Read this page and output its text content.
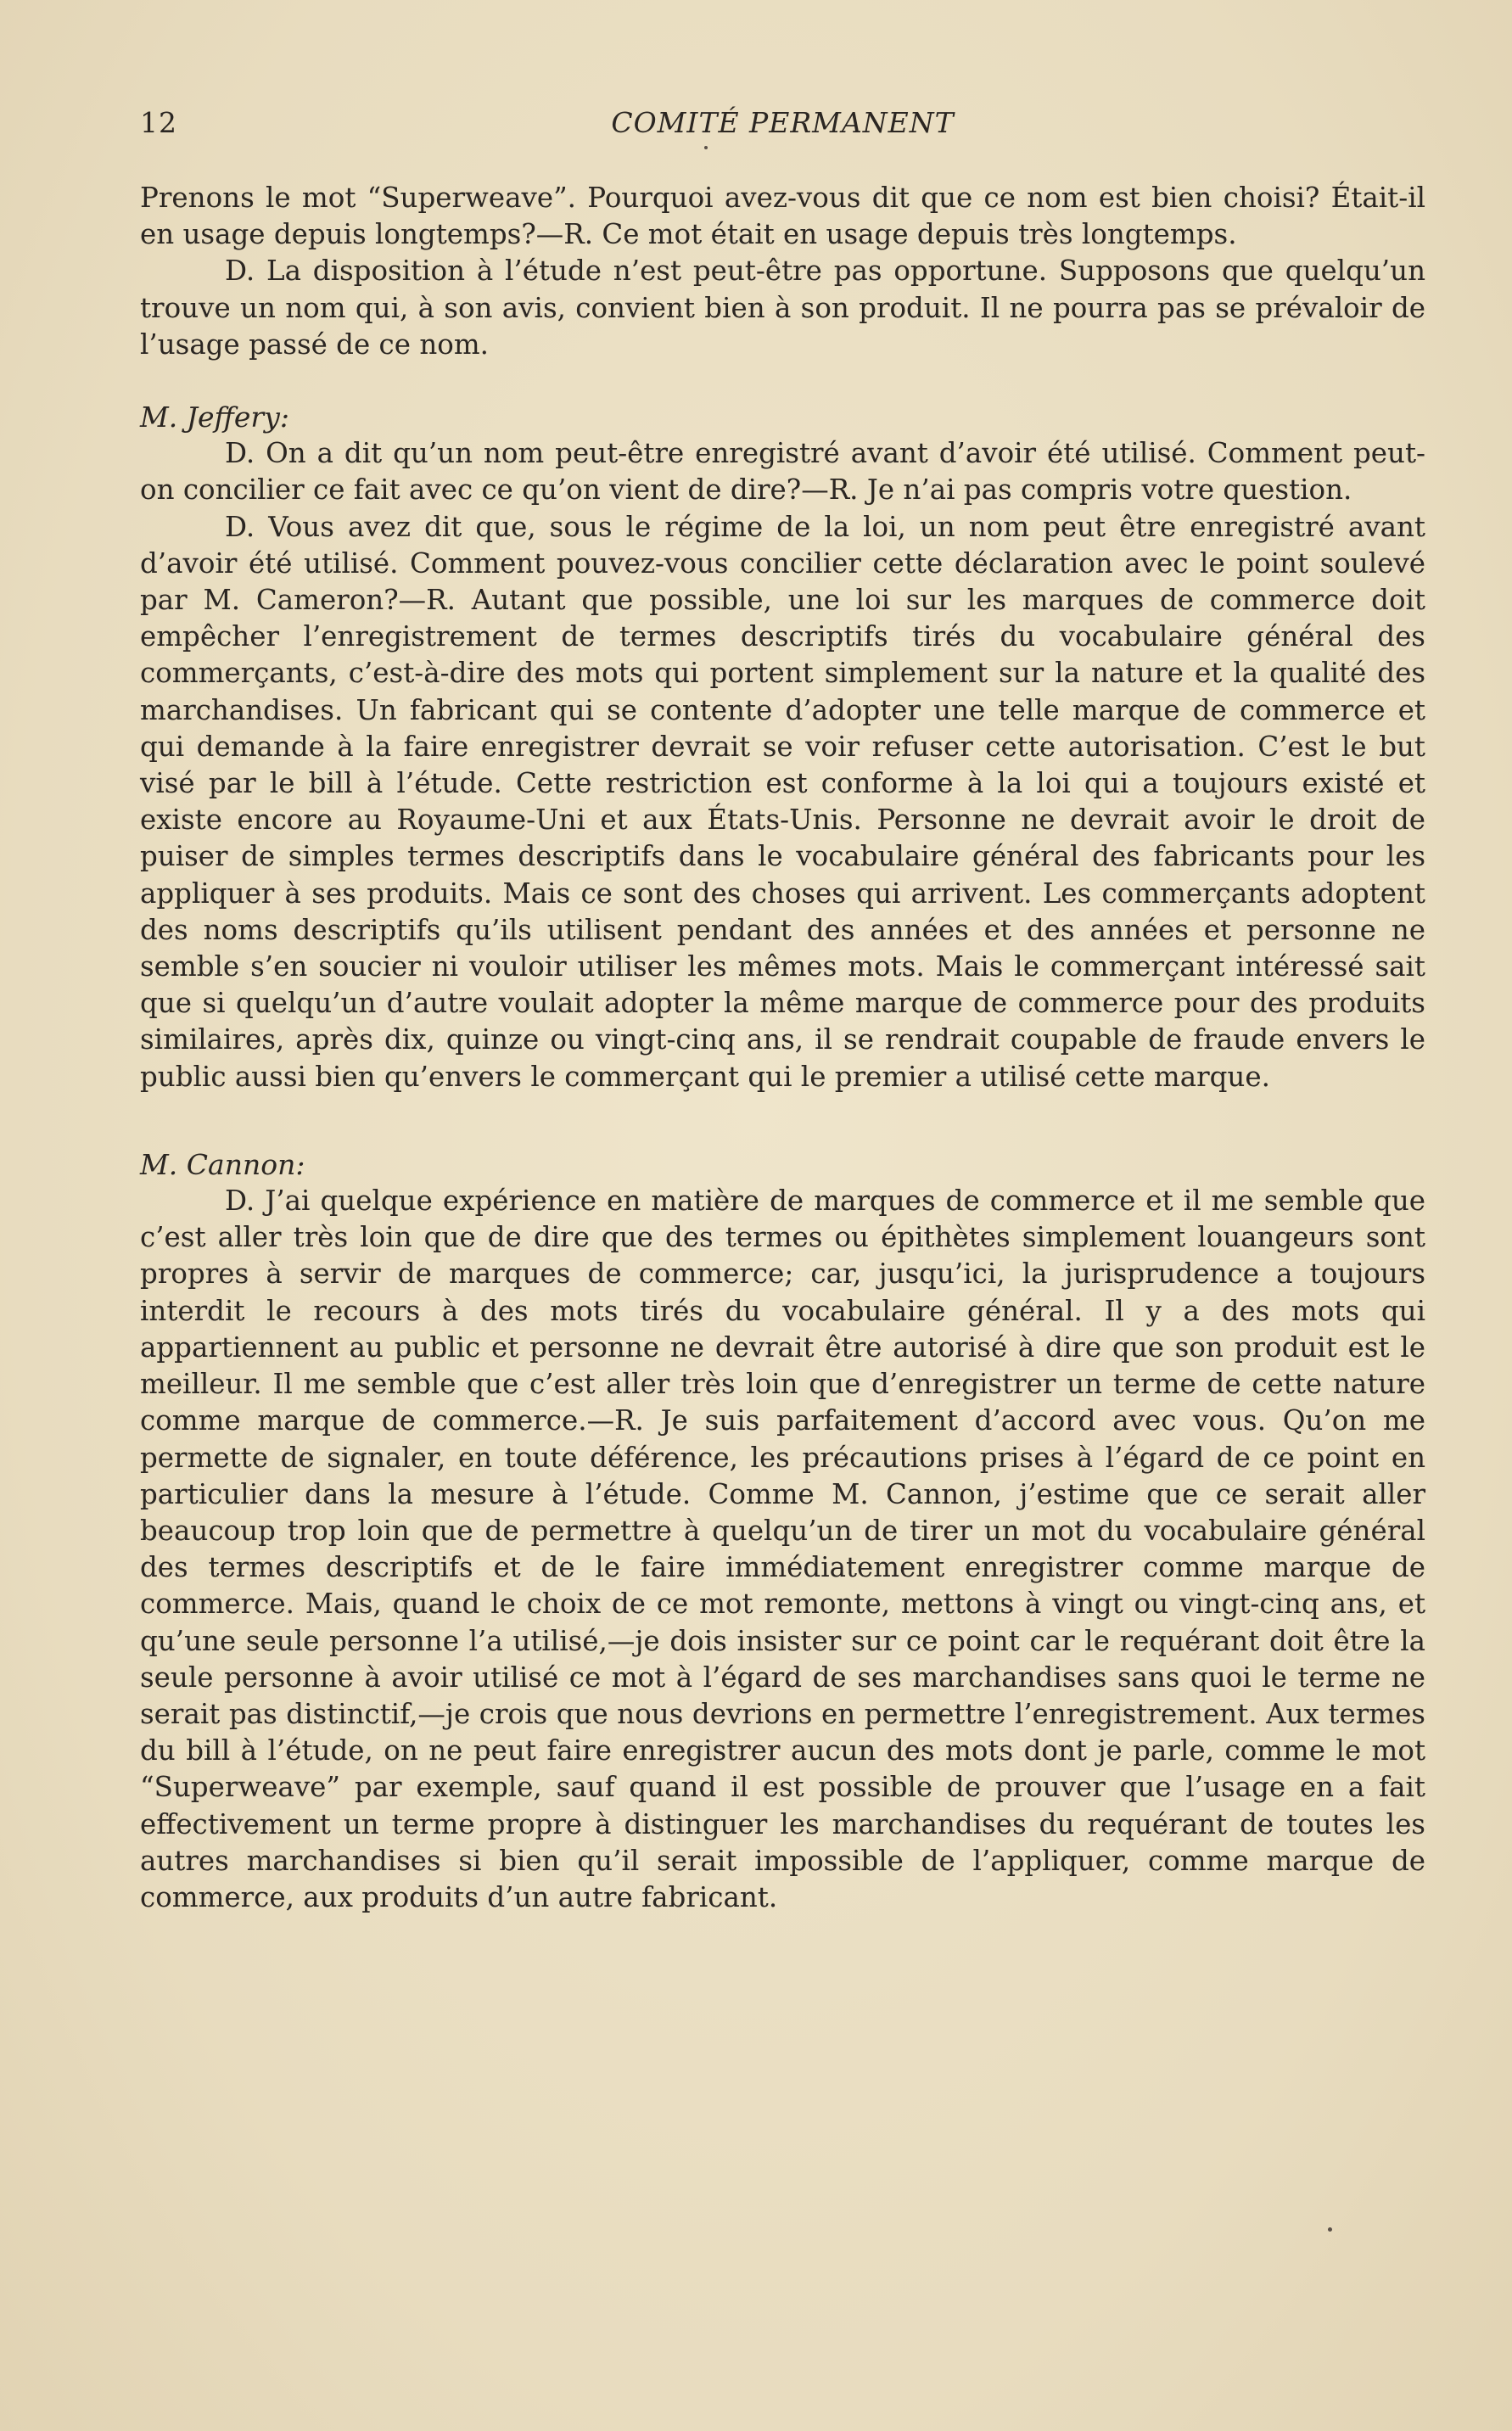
12	COMITÉ PERMANENT

Prenons le mot “Superweave”. Pourquoi avez-vous dit que ce nom est bien choisi? Était-il en usage depuis longtemps?—R. Ce mot était en usage depuis très longtemps.

D. La disposition à l’étude n’est peut-être pas opportune. Supposons que quelqu’un trouve un nom qui, à son avis, convient bien à son produit. Il ne pourra pas se prévaloir de l’usage passé de ce nom.

M. Jeffery:

D. On a dit qu’un nom peut-être enregistré avant d’avoir été utilisé. Comment peut-on concilier ce fait avec ce qu’on vient de dire?—R. Je n’ai pas compris votre question.

D. Vous avez dit que, sous le régime de la loi, un nom peut être enregistré avant d’avoir été utilisé. Comment pouvez-vous concilier cette déclaration avec le point soulevé par M. Cameron?—R. Autant que possible, une loi sur les marques de commerce doit empêcher l’enregistrement de termes descriptifs tirés du vocabulaire général des commerçants, c’est-à-dire des mots qui portent simplement sur la nature et la qualité des marchandises. Un fabricant qui se contente d’adopter une telle marque de commerce et qui demande à la faire enregistrer devrait se voir refuser cette autorisation. C’est le but visé par le bill à l’étude. Cette restriction est conforme à la loi qui a toujours existé et existe encore au Royaume-Uni et aux États-Unis. Personne ne devrait avoir le droit de puiser de simples termes descriptifs dans le vocabulaire général des fabricants pour les appliquer à ses produits. Mais ce sont des choses qui arrivent. Les commerçants adoptent des noms descriptifs qu’ils utilisent pendant des années et des années et personne ne semble s’en soucier ni vouloir utiliser les mêmes mots. Mais le commerçant intéressé sait que si quelqu’un d’autre voulait adopter la même marque de commerce pour des produits similaires, après dix, quinze ou vingt-cinq ans, il se rendrait coupable de fraude envers le public aussi bien qu’envers le commerçant qui le premier a utilisé cette marque.

M. Cannon:

D. J’ai quelque expérience en matière de marques de commerce et il me semble que c’est aller très loin que de dire que des termes ou épithètes simplement louangeurs sont propres à servir de marques de commerce; car, jusqu’ici, la jurisprudence a toujours interdit le recours à des mots tirés du vocabulaire général. Il y a des mots qui appartiennent au public et personne ne devrait être autorisé à dire que son produit est le meilleur. Il me semble que c’est aller très loin que d’enregistrer un terme de cette nature comme marque de commerce.—R. Je suis parfaitement d’accord avec vous. Qu’on me permette de signaler, en toute déférence, les précautions prises à l’égard de ce point en particulier dans la mesure à l’étude. Comme M. Cannon, j’estime que ce serait aller beaucoup trop loin que de permettre à quelqu’un de tirer un mot du vocabulaire général des termes descriptifs et de le faire immédiatement enregistrer comme marque de commerce. Mais, quand le choix de ce mot remonte, mettons à vingt ou vingt-cinq ans, et qu’une seule personne l’a utilisé,—je dois insister sur ce point car le requérant doit être la seule personne à avoir utilisé ce mot à l’égard de ses marchandises sans quoi le terme ne serait pas distinctif,—je crois que nous devrions en permettre l’enregistrement. Aux termes du bill à l’étude, on ne peut faire enregistrer aucun des mots dont je parle, comme le mot “Superweave” par exemple, sauf quand il est possible de prouver que l’usage en a fait effectivement un terme propre à distinguer les marchandises du requérant de toutes les autres marchandises si bien qu’il serait impossible de l’appliquer, comme marque de commerce, aux produits d’un autre fabricant.
